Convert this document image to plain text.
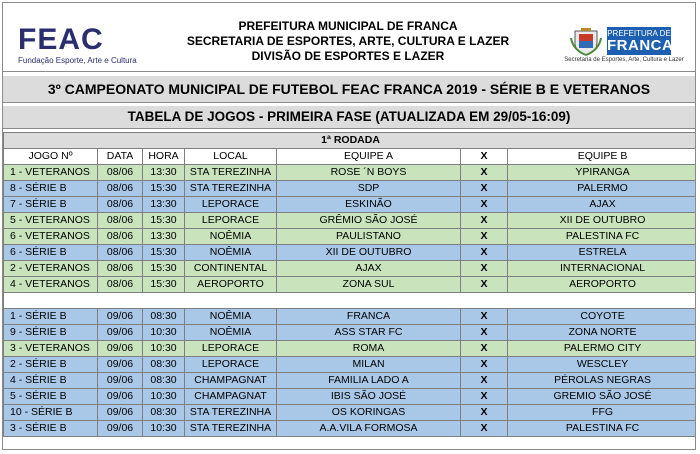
FEAC
Fundação Esporte, Arte e Cultura
PREFEITURA MUNICIPAL DE FRANCA
SECRETARIA DE ESPORTES, ARTE, CULTURA E LAZER
DIVISÃO DE ESPORTES E LAZER
PREFEITURA DE
FRANCA
Secretaria de Esportes, Arte, Cultura e Lazer
3º CAMPEONATO MUNICIPAL DE FUTEBOL FEAC FRANCA 2019 - SÉRIE B E VETERANOS
TABELA DE JOGOS - PRIMEIRA FASE (ATUALIZADA EM 29/05-16:09)
1ª RODADA						
JOGO Nº	DATA	HORA	LOCAL	EQUIPE A	X	EQUIPE B
1 - VETERANOS	08/06	13:30	STA TEREZINHA	ROSE ´N BOYS	X	YPIRANGA
8 - SÉRIE B	08/06	15:30	STA TEREZINHA	SDP	X	PALERMO
7 - SÉRIE B	08/06	13:30	LEPORACE	ESKINÃO	X	AJAX
5 - VETERANOS	08/06	15:30	LEPORACE	GRÊMIO SÃO JOSÉ	X	XII DE OUTUBRO
6 - VETERANOS	08/06	13:30	NOÊMIA	PAULISTANO	X	PALESTINA FC
6 - SÉRIE B	08/06	15:30	NOÊMIA	XII DE OUTUBRO	X	ESTRELA
2 - VETERANOS	08/06	15:30	CONTINENTAL	AJAX	X	INTERNACIONAL
4 - VETERANOS	08/06	15:30	AEROPORTO	ZONA SUL	X	AEROPORTO

1 - SÉRIE B	09/06	08:30	NOÊMIA	FRANCA	X	COYOTE
9 - SÉRIE B	09/06	10:30	NOÊMIA	ASS STAR FC	X	ZONA NORTE
3 - VETERANOS	09/06	10:30	LEPORACE	ROMA	X	PALERMO CITY
2 - SÉRIE B	09/06	08:30	LEPORACE	MILAN	X	WESCLEY
4 - SÉRIE B	09/06	08:30	CHAMPAGNAT	FAMILIA LADO A	X	PÉROLAS NEGRAS
5 - SÉRIE B	09/06	10:30	CHAMPAGNAT	IBIS SÃO JOSÉ	X	GREMIO SÃO JOSÉ
10 - SÉRIE B	09/06	08:30	STA TEREZINHA	OS KORINGAS	X	FFG
3 - SÉRIE B	09/06	10:30	STA TEREZINHA	A.A.VILA FORMOSA	X	PALESTINA FC
